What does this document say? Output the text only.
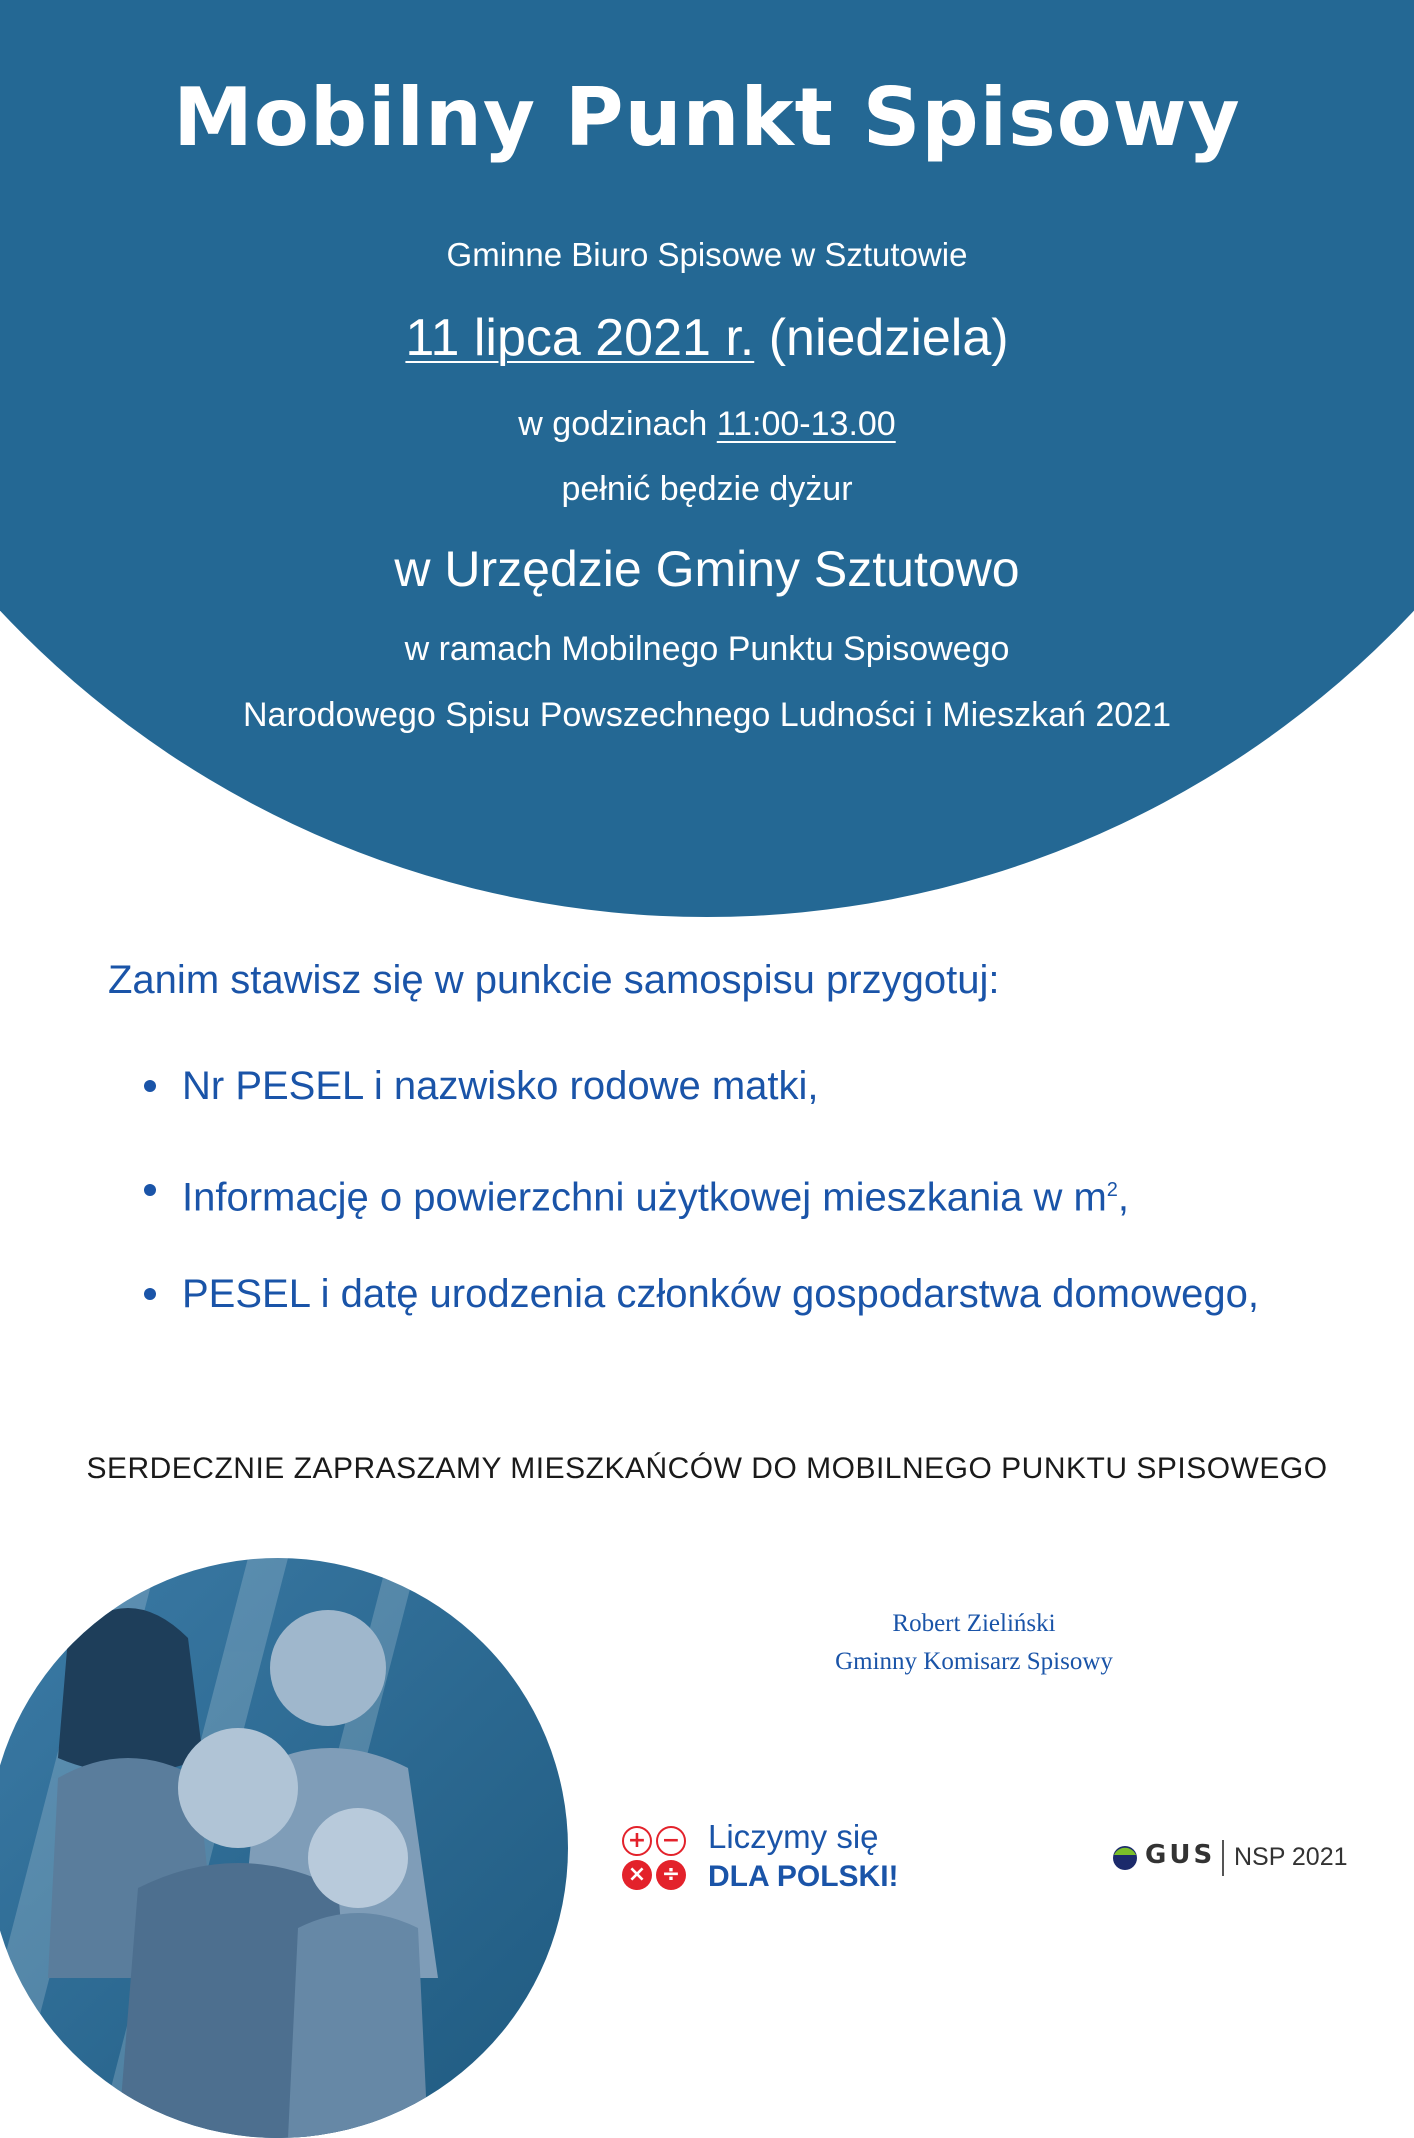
Mobilny Punkt Spisowy
Gminne Biuro Spisowe w Sztutowie
11 lipca 2021 r. (niedziela)
w godzinach 11:00-13.00
pełnić będzie dyżur
w Urzędzie Gminy Sztutowo
w ramach Mobilnego Punktu Spisowego
Narodowego Spisu Powszechnego Ludności i Mieszkań 2021
Zanim stawisz się w punkcie samospisu przygotuj:
Nr PESEL i nazwisko rodowe matki,
Informację o powierzchni użytkowej mieszkania w $m^2$,
PESEL i datę urodzenia członków gospodarstwa domowego,
SERDECZNIE ZAPRASZAMY MIESZKAŃCÓW DO MOBILNEGO PUNKTU SPISOWEGO
Robert Zieliński
Gminny Komisarz Spisowy
+ −
× ÷
Liczymy się
DLA POLSKI!
GUS NSP 2021
